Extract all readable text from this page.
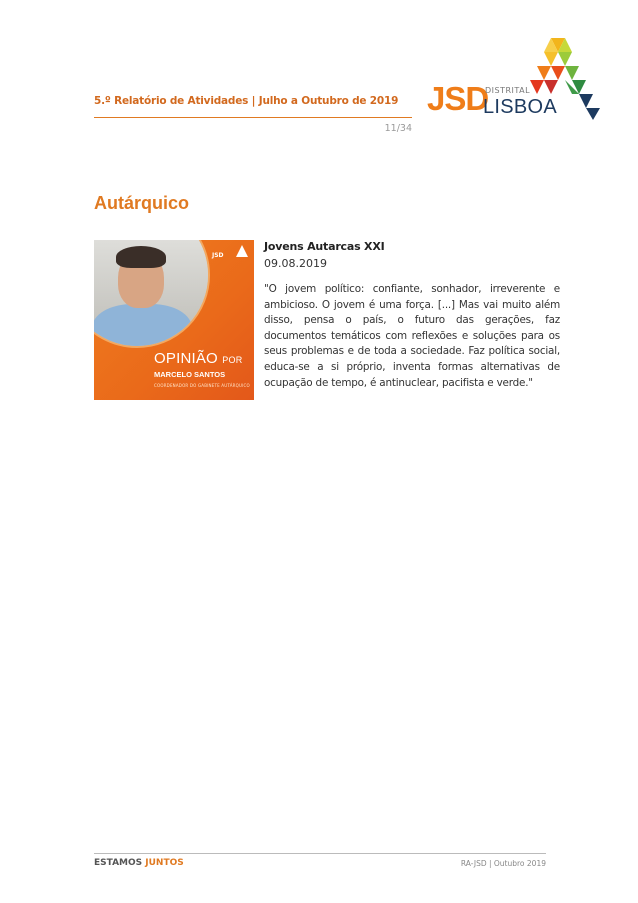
5.º Relatório de Atividades | Julho a Outubro de 2019
11/34
JSD
DISTRITAL
LISBOA
Autárquico
JSD
OPINIÃO POR
MARCELO SANTOS
COORDENADOR DO GABINETE AUTÁRQUICO
Jovens Autarcas XXI
09.08.2019
"O jovem político: confiante, sonhador, irreverente e ambicioso. O jovem é uma força. [...] Mas vai muito além disso, pensa o país, o futuro das gerações, faz documentos temáticos com reflexões e soluções para os seus problemas e de toda a sociedade. Faz política social, educa-se a si próprio, inventa formas alternativas de ocupação de tempo, é antinuclear, pacifista e verde."
ESTAMOS JUNTOS	RA-JSD | Outubro 2019
